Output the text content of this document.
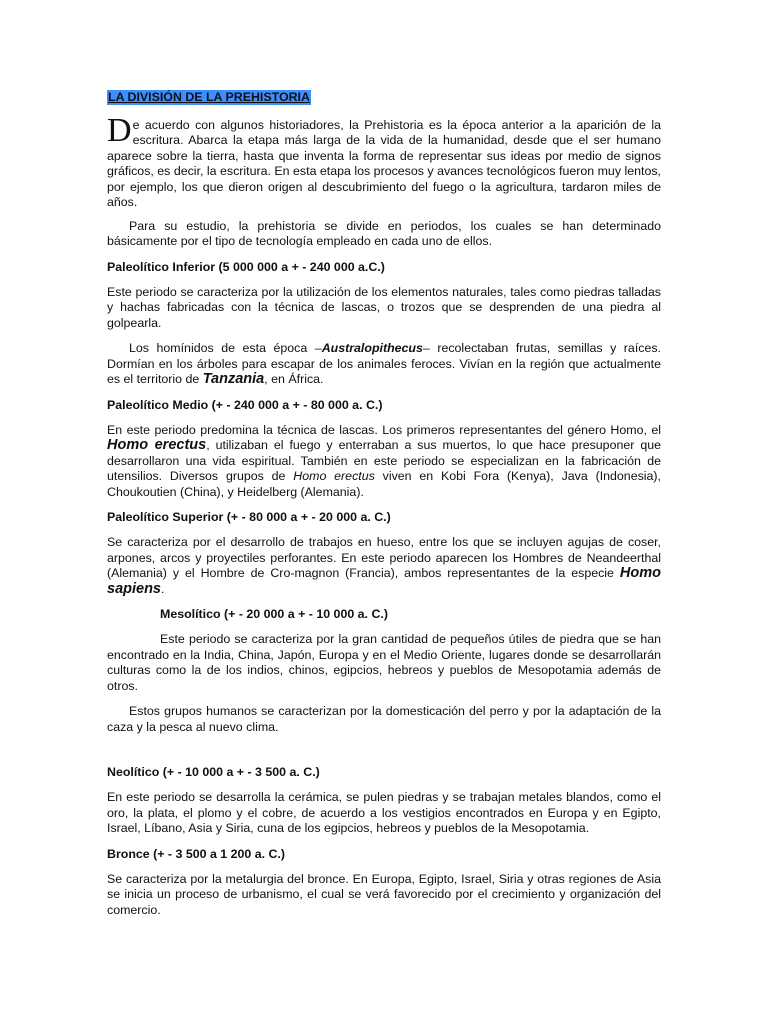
LA DIVISIÓN DE LA PREHISTORIA

De acuerdo con algunos historiadores, la Prehistoria es la época anterior a la aparición de la escritura. Abarca la etapa más larga de la vida de la humanidad, desde que el ser humano aparece sobre la tierra, hasta que inventa la forma de representar sus ideas por medio de signos gráficos, es decir, la escritura. En esta etapa los procesos y avances tecnológicos fueron muy lentos, por ejemplo, los que dieron origen al descubrimiento del fuego o la agricultura, tardaron miles de años.

Para su estudio, la prehistoria se divide en periodos, los cuales se han determinado básicamente por el tipo de tecnología empleado en cada uno de ellos.

Paleolítico Inferior (5 000 000 a + - 240 000 a.C.)

Este periodo se caracteriza por la utilización de los elementos naturales, tales como piedras talladas y hachas fabricadas con la técnica de lascas, o trozos que se desprenden de una piedra al golpearla.

Los homínidos de esta época –Australopithecus– recolectaban frutas, semillas y raíces. Dormían en los árboles para escapar de los animales feroces. Vivían en la región que actualmente es el territorio de Tanzania, en África.

Paleolítico Medio (+ - 240 000 a + - 80 000 a. C.)

En este periodo predomina la técnica de lascas. Los primeros representantes del género Homo, el Homo erectus, utilizaban el fuego y enterraban a sus muertos, lo que hace presuponer que desarrollaron una vida espiritual. También en este periodo se especializan en la fabricación de utensilios. Diversos grupos de Homo erectus viven en Kobi Fora (Kenya), Java (Indonesia), Choukoutien (China), y Heidelberg (Alemania).

Paleolítico Superior (+ - 80 000 a + - 20 000 a. C.)

Se caracteriza por el desarrollo de trabajos en hueso, entre los que se incluyen agujas de coser, arpones, arcos y proyectiles perforantes. En este periodo aparecen los Hombres de Neandeerthal (Alemania) y el Hombre de Cro-magnon (Francia), ambos representantes de la especie Homo sapiens.

Mesolítico (+ - 20 000 a + - 10 000 a. C.)

Este periodo se caracteriza por la gran cantidad de pequeños útiles de piedra que se han encontrado en la India, China, Japón, Europa y en el Medio Oriente, lugares donde se desarrollarán culturas como la de los indios, chinos, egipcios, hebreos y pueblos de Mesopotamia además de otros.

Estos grupos humanos se caracterizan por la domesticación del perro y por la adaptación de la caza y la pesca al nuevo clima.

Neolítico (+ - 10 000 a + - 3 500 a. C.)

En este periodo se desarrolla la cerámica, se pulen piedras y se trabajan metales blandos, como el oro, la plata, el plomo y el cobre, de acuerdo a los vestigios encontrados en Europa y en Egipto, Israel, Líbano, Asia y Siria, cuna de los egipcios, hebreos y pueblos de la Mesopotamia.

Bronce (+ - 3 500 a 1 200 a. C.)

Se caracteriza por la metalurgia del bronce. En Europa, Egipto, Israel, Siria y otras regiones de Asia se inicia un proceso de urbanismo, el cual se verá favorecido por el crecimiento y organización del comercio.
